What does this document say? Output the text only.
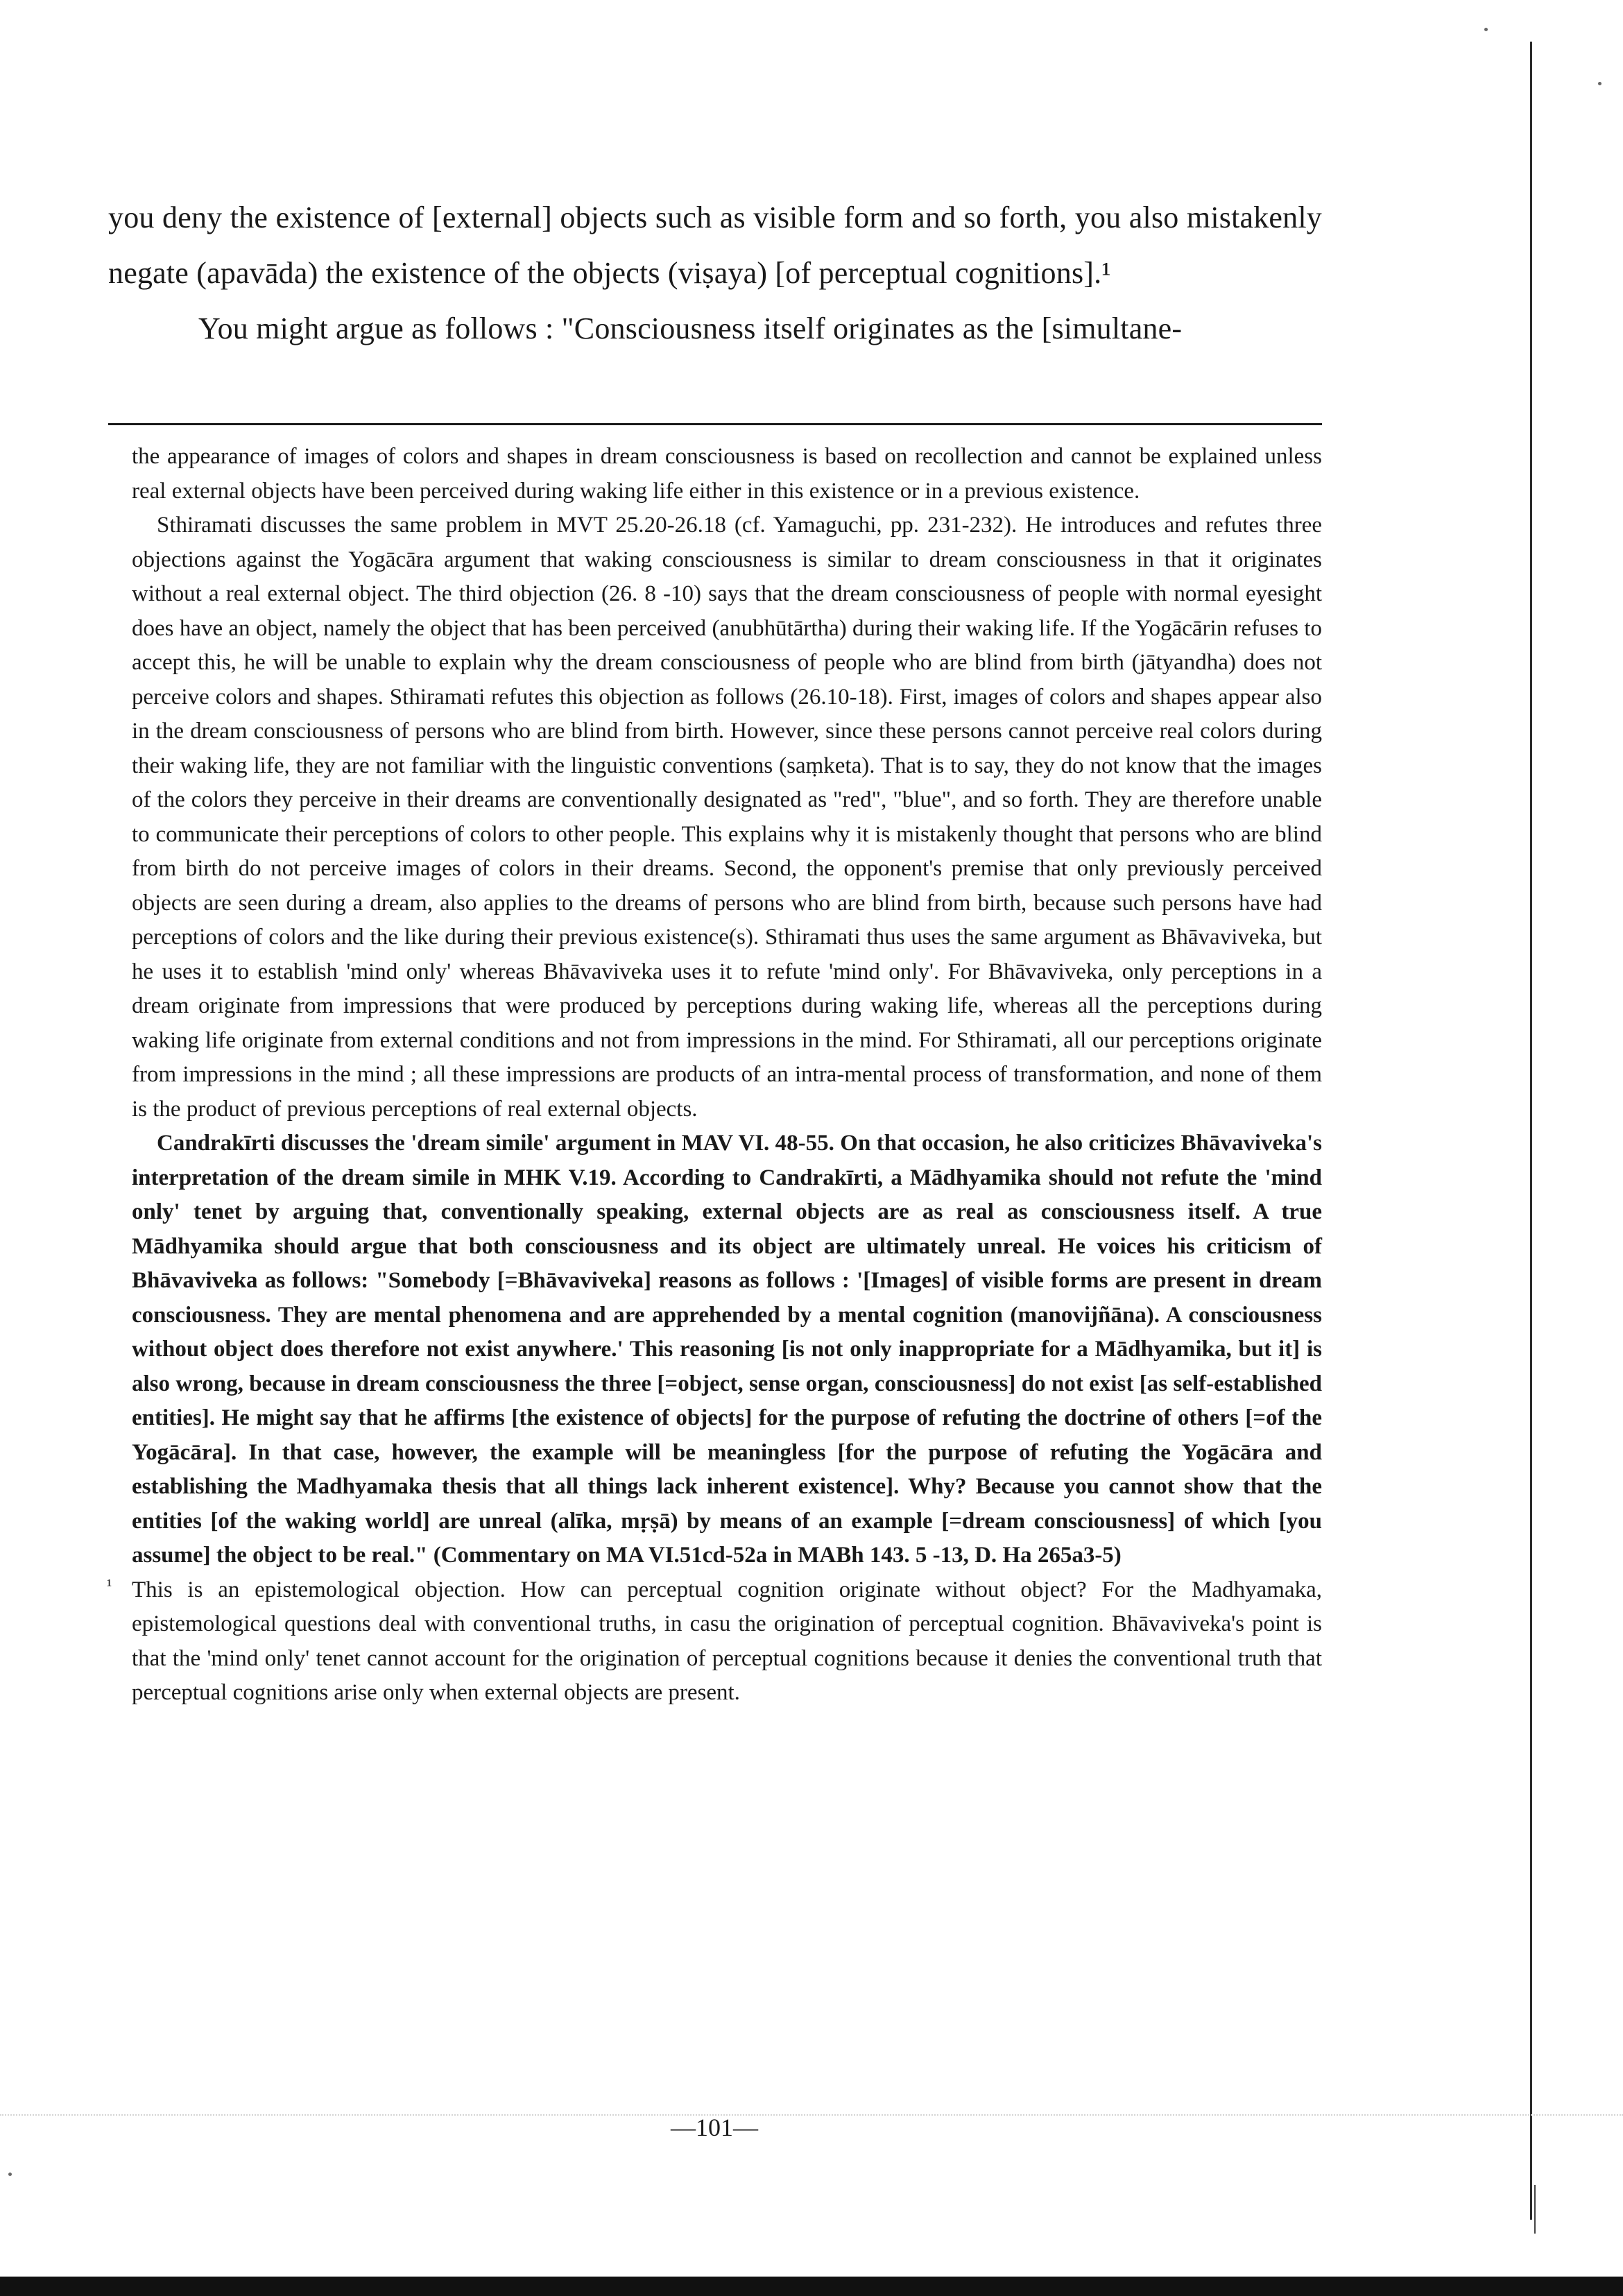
you deny the existence of [external] objects such as visible form and so forth, you also mistakenly negate (apavāda) the existence of the objects (viṣaya) [of perceptual cognitions].¹

You might argue as follows : "Consciousness itself originates as the [simultane-

the appearance of images of colors and shapes in dream consciousness is based on recollection and cannot be explained unless real external objects have been perceived during waking life either in this existence or in a previous existence.

Sthiramati discusses the same problem in MVT 25.20-26.18 (cf. Yamaguchi, pp. 231-232). He introduces and refutes three objections against the Yogācāra argument that waking consciousness is similar to dream consciousness in that it originates without a real external object. The third objection (26. 8 -10) says that the dream consciousness of people with normal eyesight does have an object, namely the object that has been perceived (anubhūtārtha) during their waking life. If the Yogācārin refuses to accept this, he will be unable to explain why the dream consciousness of people who are blind from birth (jātyandha) does not perceive colors and shapes. Sthiramati refutes this objection as follows (26.10-18). First, images of colors and shapes appear also in the dream consciousness of persons who are blind from birth. However, since these persons cannot perceive real colors during their waking life, they are not familiar with the linguistic conventions (saṃketa). That is to say, they do not know that the images of the colors they perceive in their dreams are conventionally designated as "red", "blue", and so forth. They are therefore unable to communicate their perceptions of colors to other people. This explains why it is mistakenly thought that persons who are blind from birth do not perceive images of colors in their dreams. Second, the opponent's premise that only previously perceived objects are seen during a dream, also applies to the dreams of persons who are blind from birth, because such persons have had perceptions of colors and the like during their previous existence(s). Sthiramati thus uses the same argument as Bhāvaviveka, but he uses it to establish 'mind only' whereas Bhāvaviveka uses it to refute 'mind only'. For Bhāvaviveka, only perceptions in a dream originate from impressions that were produced by perceptions during waking life, whereas all the perceptions during waking life originate from external conditions and not from impressions in the mind. For Sthiramati, all our perceptions originate from impressions in the mind ; all these impressions are products of an intra-mental process of transformation, and none of them is the product of previous perceptions of real external objects.

Candrakīrti discusses the 'dream simile' argument in MAV VI. 48-55. On that occasion, he also criticizes Bhāvaviveka's interpretation of the dream simile in MHK V.19. According to Candrakīrti, a Mādhyamika should not refute the 'mind only' tenet by arguing that, conventionally speaking, external objects are as real as consciousness itself. A true Mādhyamika should argue that both consciousness and its object are ultimately unreal. He voices his criticism of Bhāvaviveka as follows: "Somebody [=Bhāvaviveka] reasons as follows : '[Images] of visible forms are present in dream consciousness. They are mental phenomena and are apprehended by a mental cognition (manovijñāna). A consciousness without object does therefore not exist anywhere.' This reasoning [is not only inappropriate for a Mādhyamika, but it] is also wrong, because in dream consciousness the three [=object, sense organ, consciousness] do not exist [as self-established entities]. He might say that he affirms [the existence of objects] for the purpose of refuting the doctrine of others [=of the Yogācāra]. In that case, however, the example will be meaningless [for the purpose of refuting the Yogācāra and establishing the Madhyamaka thesis that all things lack inherent existence]. Why? Because you cannot show that the entities [of the waking world] are unreal (alīka, mṛṣā) by means of an example [=dream consciousness] of which [you assume] the object to be real." (Commentary on MA VI.51cd-52a in MABh 143. 5 -13, D. Ha 265a3-5)

¹ This is an epistemological objection. How can perceptual cognition originate without object? For the Madhyamaka, epistemological questions deal with conventional truths, in casu the origination of perceptual cognition. Bhāvaviveka's point is that the 'mind only' tenet cannot account for the origination of perceptual cognitions because it denies the conventional truth that perceptual cognitions arise only when external objects are present.

—101—
